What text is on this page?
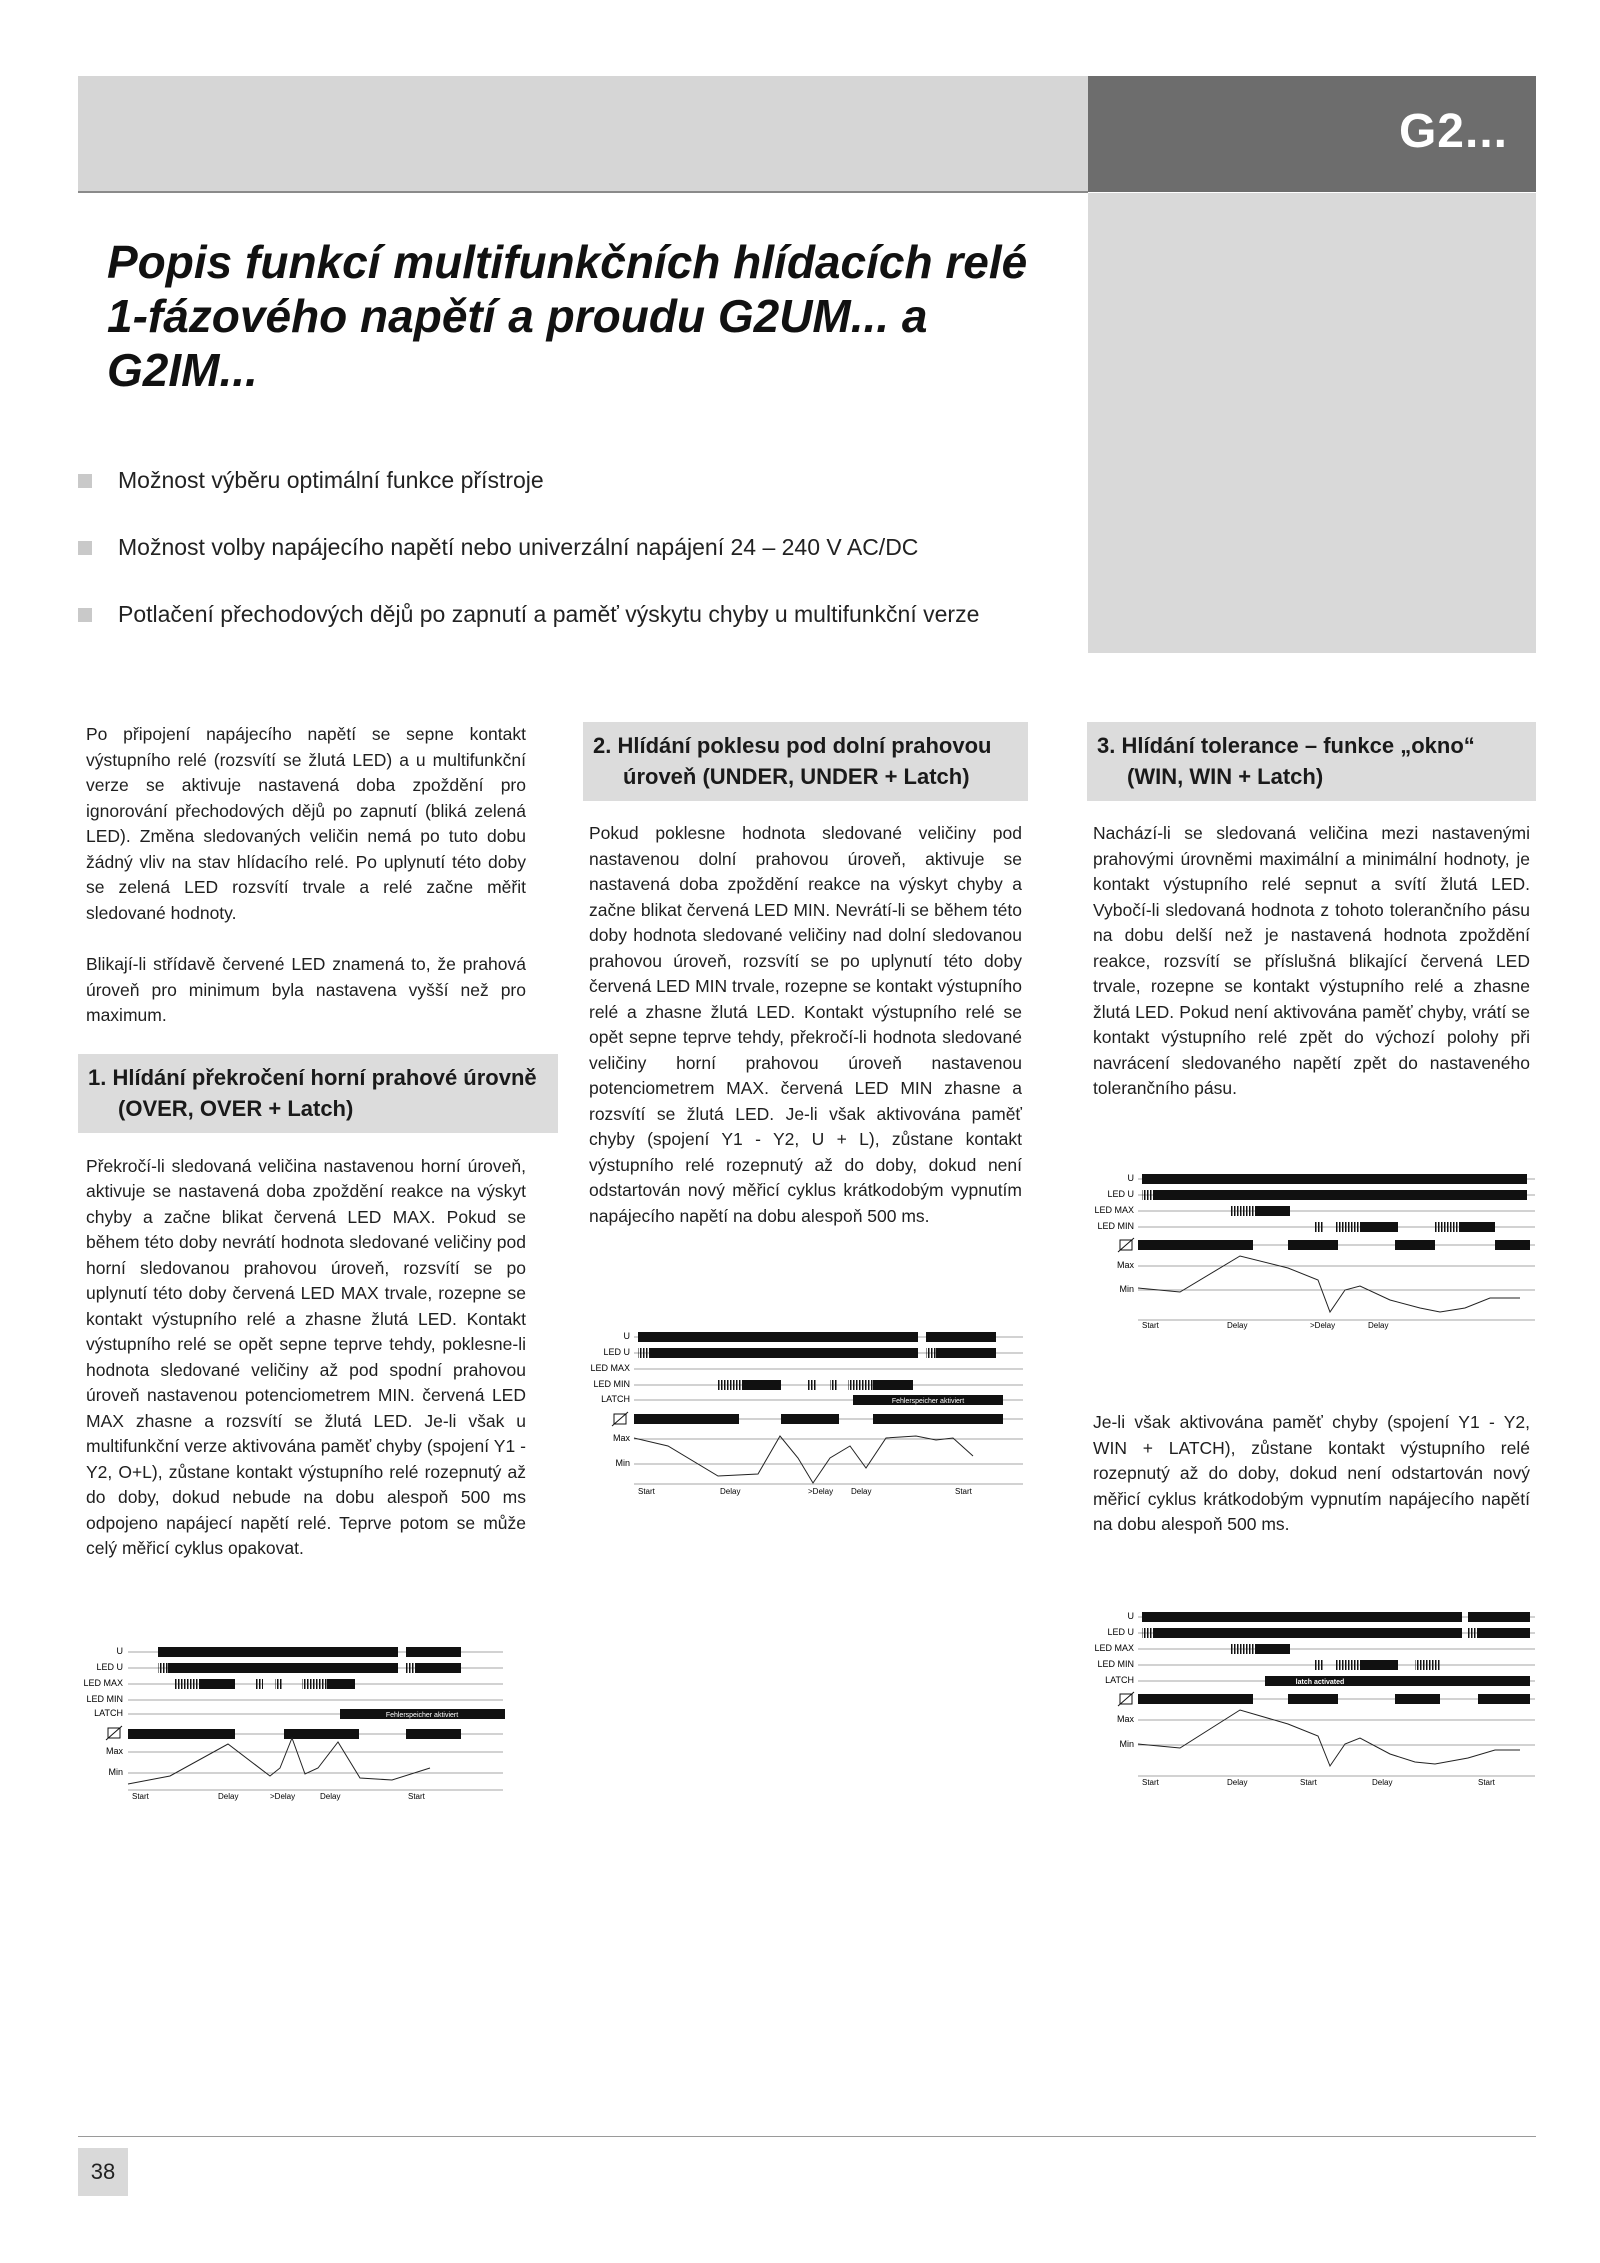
G2...
Popis funkcí multifunkčních hlídacích relé 1-fázového napětí a proudu G2UM... a G2IM...
Možnost výběru optimální funkce přístroje
Možnost volby napájecího napětí nebo univerzální napájení 24 – 240 V AC/DC
Potlačení přechodových dějů po zapnutí a paměť výskytu chyby u multifunkční verze

Po připojení napájecího napětí se sepne kontakt výstupního relé (rozsvítí se žlutá LED) a u multifunkční verze se aktivuje nastavená doba zpoždění pro ignorování přechodových dějů po zapnutí (bliká zelená LED). Změna sledovaných veličin nemá po tuto dobu žádný vliv na stav hlídacího relé. Po uplynutí této doby se zelená LED rozsvítí trvale a relé začne měřit sledované hodnoty.

Blikají-li střídavě červené LED znamená to, že prahová úroveň pro minimum byla nastavena vyšší než pro maximum.

1. Hlídání překročení horní prahové úrovně (OVER, OVER + Latch)

Překročí-li sledovaná veličina nastavenou horní úroveň, aktivuje se nastavená doba zpoždění reakce na výskyt chyby a začne blikat červená LED MAX. Pokud se během této doby nevrátí hodnota sledované veličiny pod horní sledovanou prahovou úroveň, rozsvítí se po uplynutí této doby červená LED MAX trvale, rozepne se kontakt výstupního relé a zhasne žlutá LED. Kontakt výstupního relé se opět sepne teprve tehdy, poklesne-li hodnota sledované veličiny až pod spodní prahovou úroveň nastavenou potenciometrem MIN. červená LED MAX zhasne a rozsvítí se žlutá LED. Je-li však u multifunkční verze aktivována paměť chyby (spojení Y1 - Y2, O+L), zůstane kontakt výstupního relé rozepnutý až do doby, dokud nebude na dobu alespoň 500 ms odpojeno napájecí napětí relé. Teprve potom se může celý měřicí cyklus opakovat.

2. Hlídání poklesu pod dolní prahovou úroveň (UNDER, UNDER + Latch)

Pokud poklesne hodnota sledované veličiny pod nastavenou dolní prahovou úroveň, aktivuje se nastavená doba zpoždění reakce na výskyt chyby a začne blikat červená LED MIN. Nevrátí-li se během této doby hodnota sledované veličiny nad dolní sledovanou prahovou úroveň, rozsvítí se po uplynutí této doby červená LED MIN trvale, rozepne se kontakt výstupního relé a zhasne žlutá LED. Kontakt výstupního relé se opět sepne teprve tehdy, překročí-li hodnota sledované veličiny horní prahovou úroveň nastavenou potenciometrem MAX. červená LED MIN zhasne a rozsvítí se žlutá LED. Je-li však aktivována paměť chyby (spojení Y1 - Y2, U + L), zůstane kontakt výstupního relé rozepnutý až do doby, dokud není odstartován nový měřicí cyklus krátkodobým vypnutím napájecího napětí na dobu alespoň 500 ms.

3. Hlídání tolerance – funkce „okno“ (WIN, WIN + Latch)

Nachází-li se sledovaná veličina mezi nastavenými prahovými úrovněmi maximální a minimální hodnoty, je kontakt výstupního relé sepnut a svítí žlutá LED. Vybočí-li sledovaná hodnota z tohoto tolerančního pásu na dobu delší než je nastavená hodnota zpoždění reakce, rozsvítí se příslušná blikající červená LED trvale, rozepne se kontakt výstupního relé a zhasne žlutá LED. Pokud není aktivována paměť chyby, vrátí se kontakt výstupního relé zpět do výchozí polohy při navrácení sledovaného napětí zpět do nastaveného tolerančního pásu.

Je-li však aktivována paměť chyby (spojení Y1 - Y2, WIN + LATCH), zůstane kontakt výstupního relé rozepnutý až do doby, dokud není odstartován nový měřicí cyklus krátkodobým vypnutím napájecího napětí na dobu alespoň 500 ms.

U
LED U
LED MAX
LED MIN
LATCH	Fehlerspeicher aktiviert
Max
Min
Start	Delay	>Delay	Delay	Start
U
LED U
LED MAX
LED MIN
LATCH	Fehlerspeicher aktiviert
Max
Min
Start	Delay	>Delay Delay	Start
U
LED U
LED MAX
LED MIN
Max
Min
Start	Delay	>Delay	Delay
U
LED U
LED MAX
LED MIN
LATCH	latch activated
Max
Min
Start	Delay	Start	Delay	Start
38
